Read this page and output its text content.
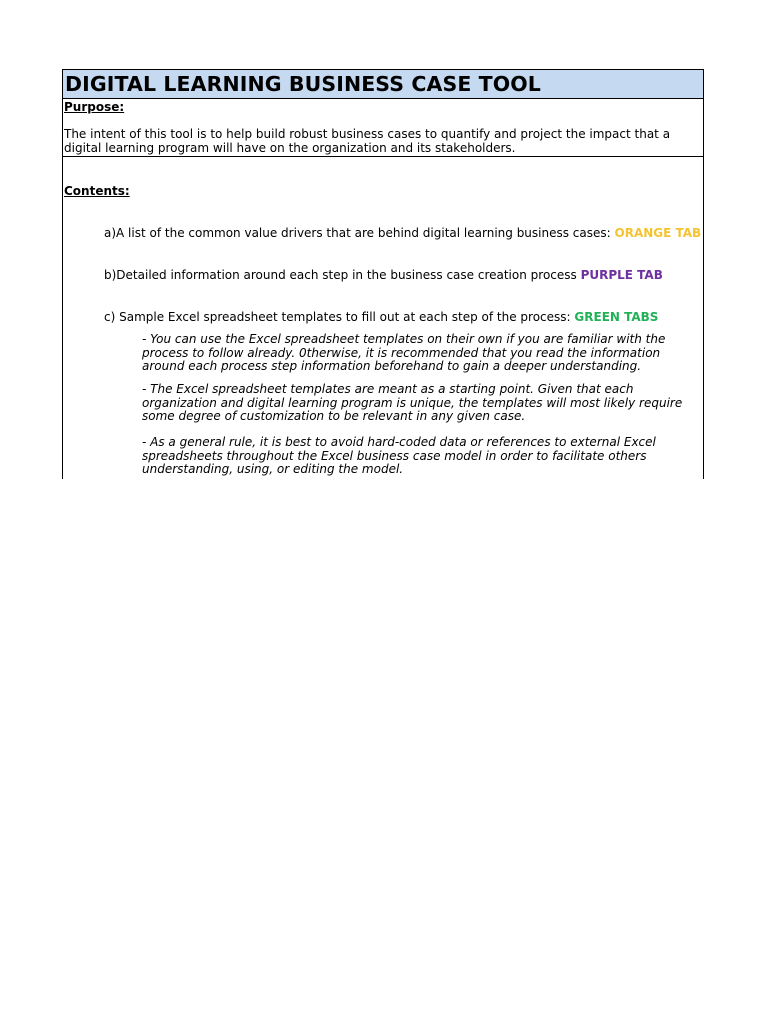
DIGITAL LEARNING BUSINESS CASE TOOL
Purpose:
The intent of this tool is to help build robust business cases to quantify and project the impact that a digital learning program will have on the organization and its stakeholders.
Contents:
a)A list of the common value drivers that are behind digital learning business cases: ORANGE TAB
b)Detailed information around each step in the business case creation process PURPLE TAB
c) Sample Excel spreadsheet templates to fill out at each step of the process: GREEN TABS
- You can use the Excel spreadsheet templates on their own if you are familiar with the process to follow already. 0therwise, it is recommended that you read the information around each process step information beforehand to gain a deeper understanding.
- The Excel spreadsheet templates are meant as a starting point. Given that each organization and digital learning program is unique, the templates will most likely require some degree of customization to be relevant in any given case.
- As a general rule, it is best to avoid hard-coded data or references to external Excel spreadsheets throughout the Excel business case model in order to facilitate others understanding, using, or editing the model.
